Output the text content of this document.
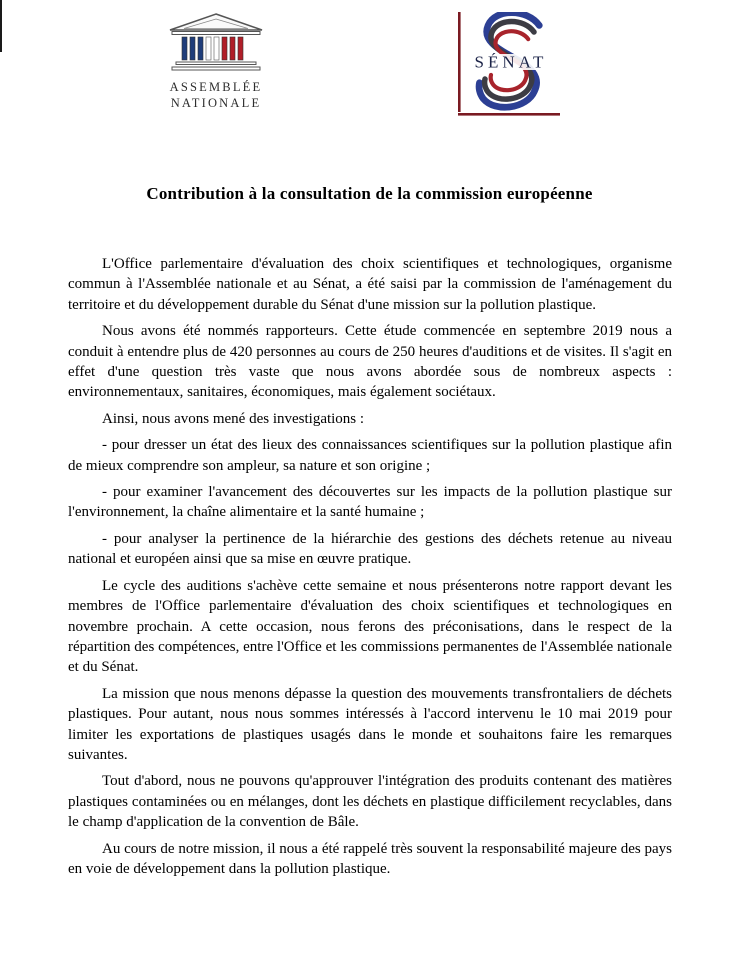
ASSEMBLÉE
NATIONALE
SÉNAT
Contribution à la consultation de la commission européenne

L'Office parlementaire d'évaluation des choix scientifiques et technologiques, organisme commun à l'Assemblée nationale et au Sénat, a été saisi par la commission de l'aménagement du territoire et du développement durable du Sénat d'une mission sur la pollution plastique.

Nous avons été nommés rapporteurs. Cette étude commencée en septembre 2019 nous a conduit à entendre plus de 420 personnes au cours de 250 heures d'auditions et de visites. Il s'agit en effet d'une question très vaste que nous avons abordée sous de nombreux aspects : environnementaux, sanitaires, économiques, mais également sociétaux.

Ainsi, nous avons mené des investigations :

- pour dresser un état des lieux des connaissances scientifiques sur la pollution plastique afin de mieux comprendre son ampleur, sa nature et son origine ;

- pour examiner l'avancement des découvertes sur les impacts de la pollution plastique sur l'environnement, la chaîne alimentaire et la santé humaine ;

- pour analyser la pertinence de la hiérarchie des gestions des déchets retenue au niveau national et européen ainsi que sa mise en œuvre pratique.

Le cycle des auditions s'achève cette semaine et nous présenterons notre rapport devant les membres de l'Office parlementaire d'évaluation des choix scientifiques et technologiques en novembre prochain. A cette occasion, nous ferons des préconisations, dans le respect de la répartition des compétences, entre l'Office et les commissions permanentes de l'Assemblée nationale et du Sénat.

La mission que nous menons dépasse la question des mouvements transfrontaliers de déchets plastiques. Pour autant, nous nous sommes intéressés à l'accord intervenu le 10 mai 2019 pour limiter les exportations de plastiques usagés dans le monde et souhaitons faire les remarques suivantes.

Tout d'abord, nous ne pouvons qu'approuver l'intégration des produits contenant des matières plastiques contaminées ou en mélanges, dont les déchets en plastique difficilement recyclables, dans le champ d'application de la convention de Bâle.

Au cours de notre mission, il nous a été rappelé très souvent la responsabilité majeure des pays en voie de développement dans la pollution plastique.
